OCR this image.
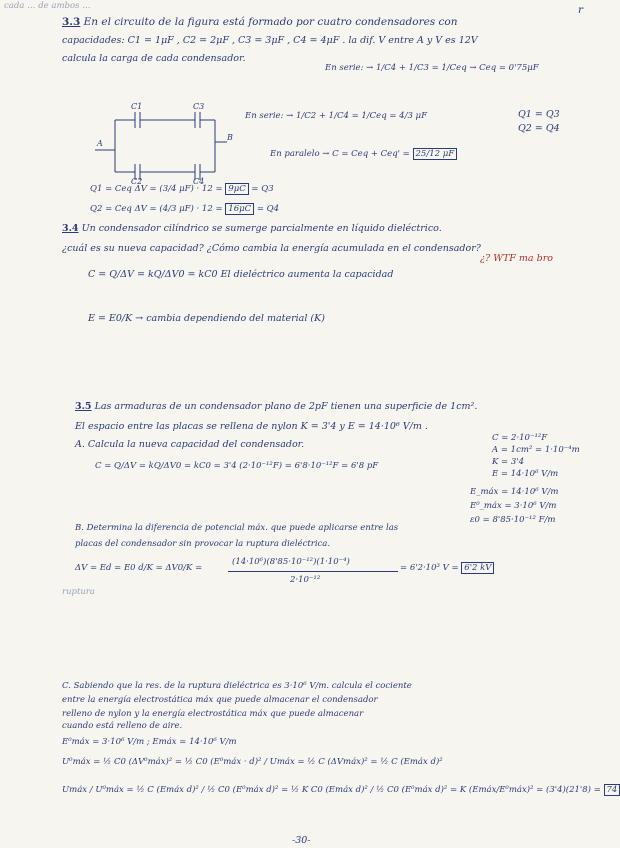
cada … de ambos …	r
3.3 En el circuito de la figura está formado por cuatro condensadores con
capacidades: C1 = 1μF , C2 = 2μF , C3 = 3μF , C4 = 4μF . la dif. V entre A y V es 12V
calcula la carga de cada condensador.
En serie: → 1/C4 + 1/C3 = 1/Ceq → Ceq = 0'75μF
C1	C3
C2	C4
A
B
En serie: → 1/C2 + 1/C4 = 1/Ceq = 4/3 μF	Q1 = Q3
Q2 = Q4
En paralelo → C = Ceq + Ceq' = 25/12 μF
Q1 = Ceq ΔV = (3/4 μF) · 12 = 9μC = Q3
Q2 = Ceq ΔV = (4/3 μF) · 12 = 16μC = Q4
3.4 Un condensador cilíndrico se sumerge parcialmente en líquido dieléctrico.
¿cuál es su nueva capacidad? ¿Cómo cambia la energía acumulada en el condensador?
¿? WTF ma bro
C = Q/ΔV = kQ/ΔV0 = kC0 El dieléctrico aumenta la capacidad
E = E0/K → cambia dependiendo del material (K)
3.5 Las armaduras de un condensador plano de 2pF tienen una superficie de 1cm².
El espacio entre las placas se rellena de nylon K = 3'4 y E = 14·10⁶ V/m .
A. Calcula la nueva capacidad del condensador.
C = Q/ΔV = kQ/ΔV0 = kC0 = 3'4 (2·10⁻¹²F) = 6'8·10⁻¹²F = 6'8 pF
C = 2·10⁻¹²F
A = 1cm² = 1·10⁻⁴m
K = 3'4
E = 14·10⁶ V/m
E_máx = 14·10⁶ V/m
E⁰_máx = 3·10⁶ V/m
ε0 = 8'85·10⁻¹² F/m
B. Determina la diferencia de potencial máx. que puede aplicarse entre las
placas del condensador sin provocar la ruptura dieléctrica.
ΔV = Ed = E0 d/K = ΔV0/K =
(14·10⁶)(8'85·10⁻¹²)(1·10⁻⁴)
2·10⁻¹²
= 6'2·10³ V = 6'2 kV
ruptura
C. Sabiendo que la res. de la ruptura dieléctrica es 3·10⁶ V/m. calcula el cociente
entre la energía electrostática máx que puede almacenar el condensador
relleno de nylon y la energía electrostática máx que puede almacenar
cuando está relleno de aire.
E⁰máx = 3·10⁶ V/m ; Emáx = 14·10⁶ V/m
U⁰máx = ½ C0 (ΔV⁰máx)² = ½ C0 (E⁰máx · d)² / Umáx = ½ C (ΔVmáx)² = ½ C (Emáx d)²
Umáx / U⁰máx = ½ C (Emáx d)² / ½ C0 (E⁰máx d)² = ½ K C0 (Emáx d)² / ½ C0 (E⁰máx d)² = K (Emáx/E⁰máx)² = (3'4)(21'8) = 74
-30-
